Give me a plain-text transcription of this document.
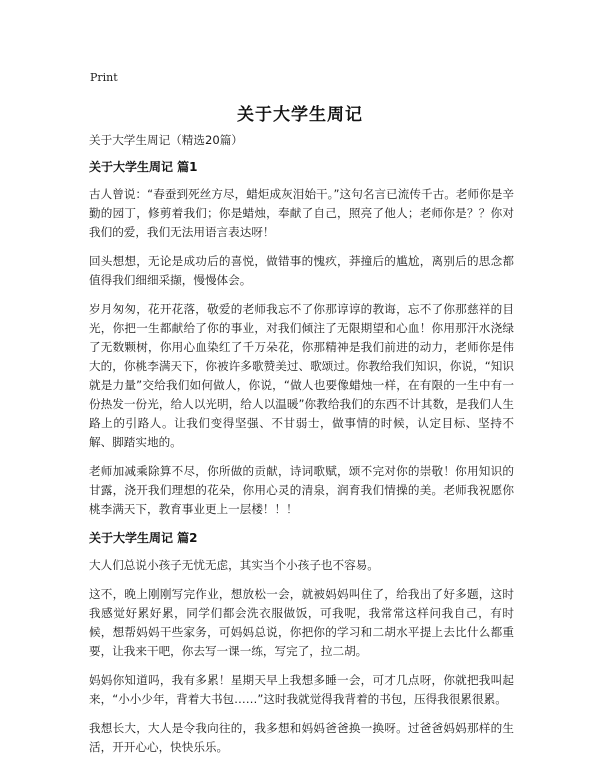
Print
关于大学生周记

关于大学生周记（精选20篇）

关于大学生周记 篇1

古人曾说：“春蚕到死丝方尽，蜡炬成灰泪始干。”这句名言已流传千古。老师你是辛勤的园丁，修剪着我们；你是蜡烛，奉献了自己，照亮了他人；老师你是？？你对我们的爱，我们无法用语言表达呀！

回头想想，无论是成功后的喜悦，做错事的愧疚，莽撞后的尴尬，离别后的思念都值得我们细细采撷，慢慢体会。

岁月匆匆，花开花落，敬爱的老师我忘不了你那谆谆的教诲，忘不了你那慈祥的目光，你把一生都献给了你的事业，对我们倾注了无限期望和心血！你用那汗水浇绿了无数颗树，你用心血染红了千万朵花，你那精神是我们前进的动力，老师你是伟大的，你桃李满天下，你被许多歌赞美过、歌颂过。你教给我们知识，你说，“知识就是力量”交给我们如何做人，你说，“做人也要像蜡烛一样，在有限的一生中有一份热发一份光，给人以光明，给人以温暖”你教给我们的东西不计其数，是我们人生路上的引路人。让我们变得坚强、不甘弱士，做事情的时候，认定目标、坚持不解、脚踏实地的。

老师加减乘除算不尽，你所做的贡献，诗词歌赋，颂不完对你的崇敬！你用知识的甘露，浇开我们理想的花朵，你用心灵的清泉，润育我们情操的美。老师我祝愿你桃李满天下，教育事业更上一层楼！！！

关于大学生周记 篇2

大人们总说小孩子无忧无虑，其实当个小孩子也不容易。

这不，晚上刚刚写完作业，想放松一会，就被妈妈叫住了，给我出了好多题，这时我感觉好累好累，同学们都会洗衣服做饭，可我呢，我常常这样问我自己，有时候，想帮妈妈干些家务，可妈妈总说，你把你的学习和二胡水平提上去比什么都重要，让我来干吧，你去写一课一练，写完了，拉二胡。

妈妈你知道吗，我有多累！星期天早上我想多睡一会，可才几点呀，你就把我叫起来，“小小少年，背着大书包……”这时我就觉得我背着的书包，压得我很累很累。

我想长大，大人是令我向往的，我多想和妈妈爸爸换一换呀。过爸爸妈妈那样的生活，开开心心，快快乐乐。
